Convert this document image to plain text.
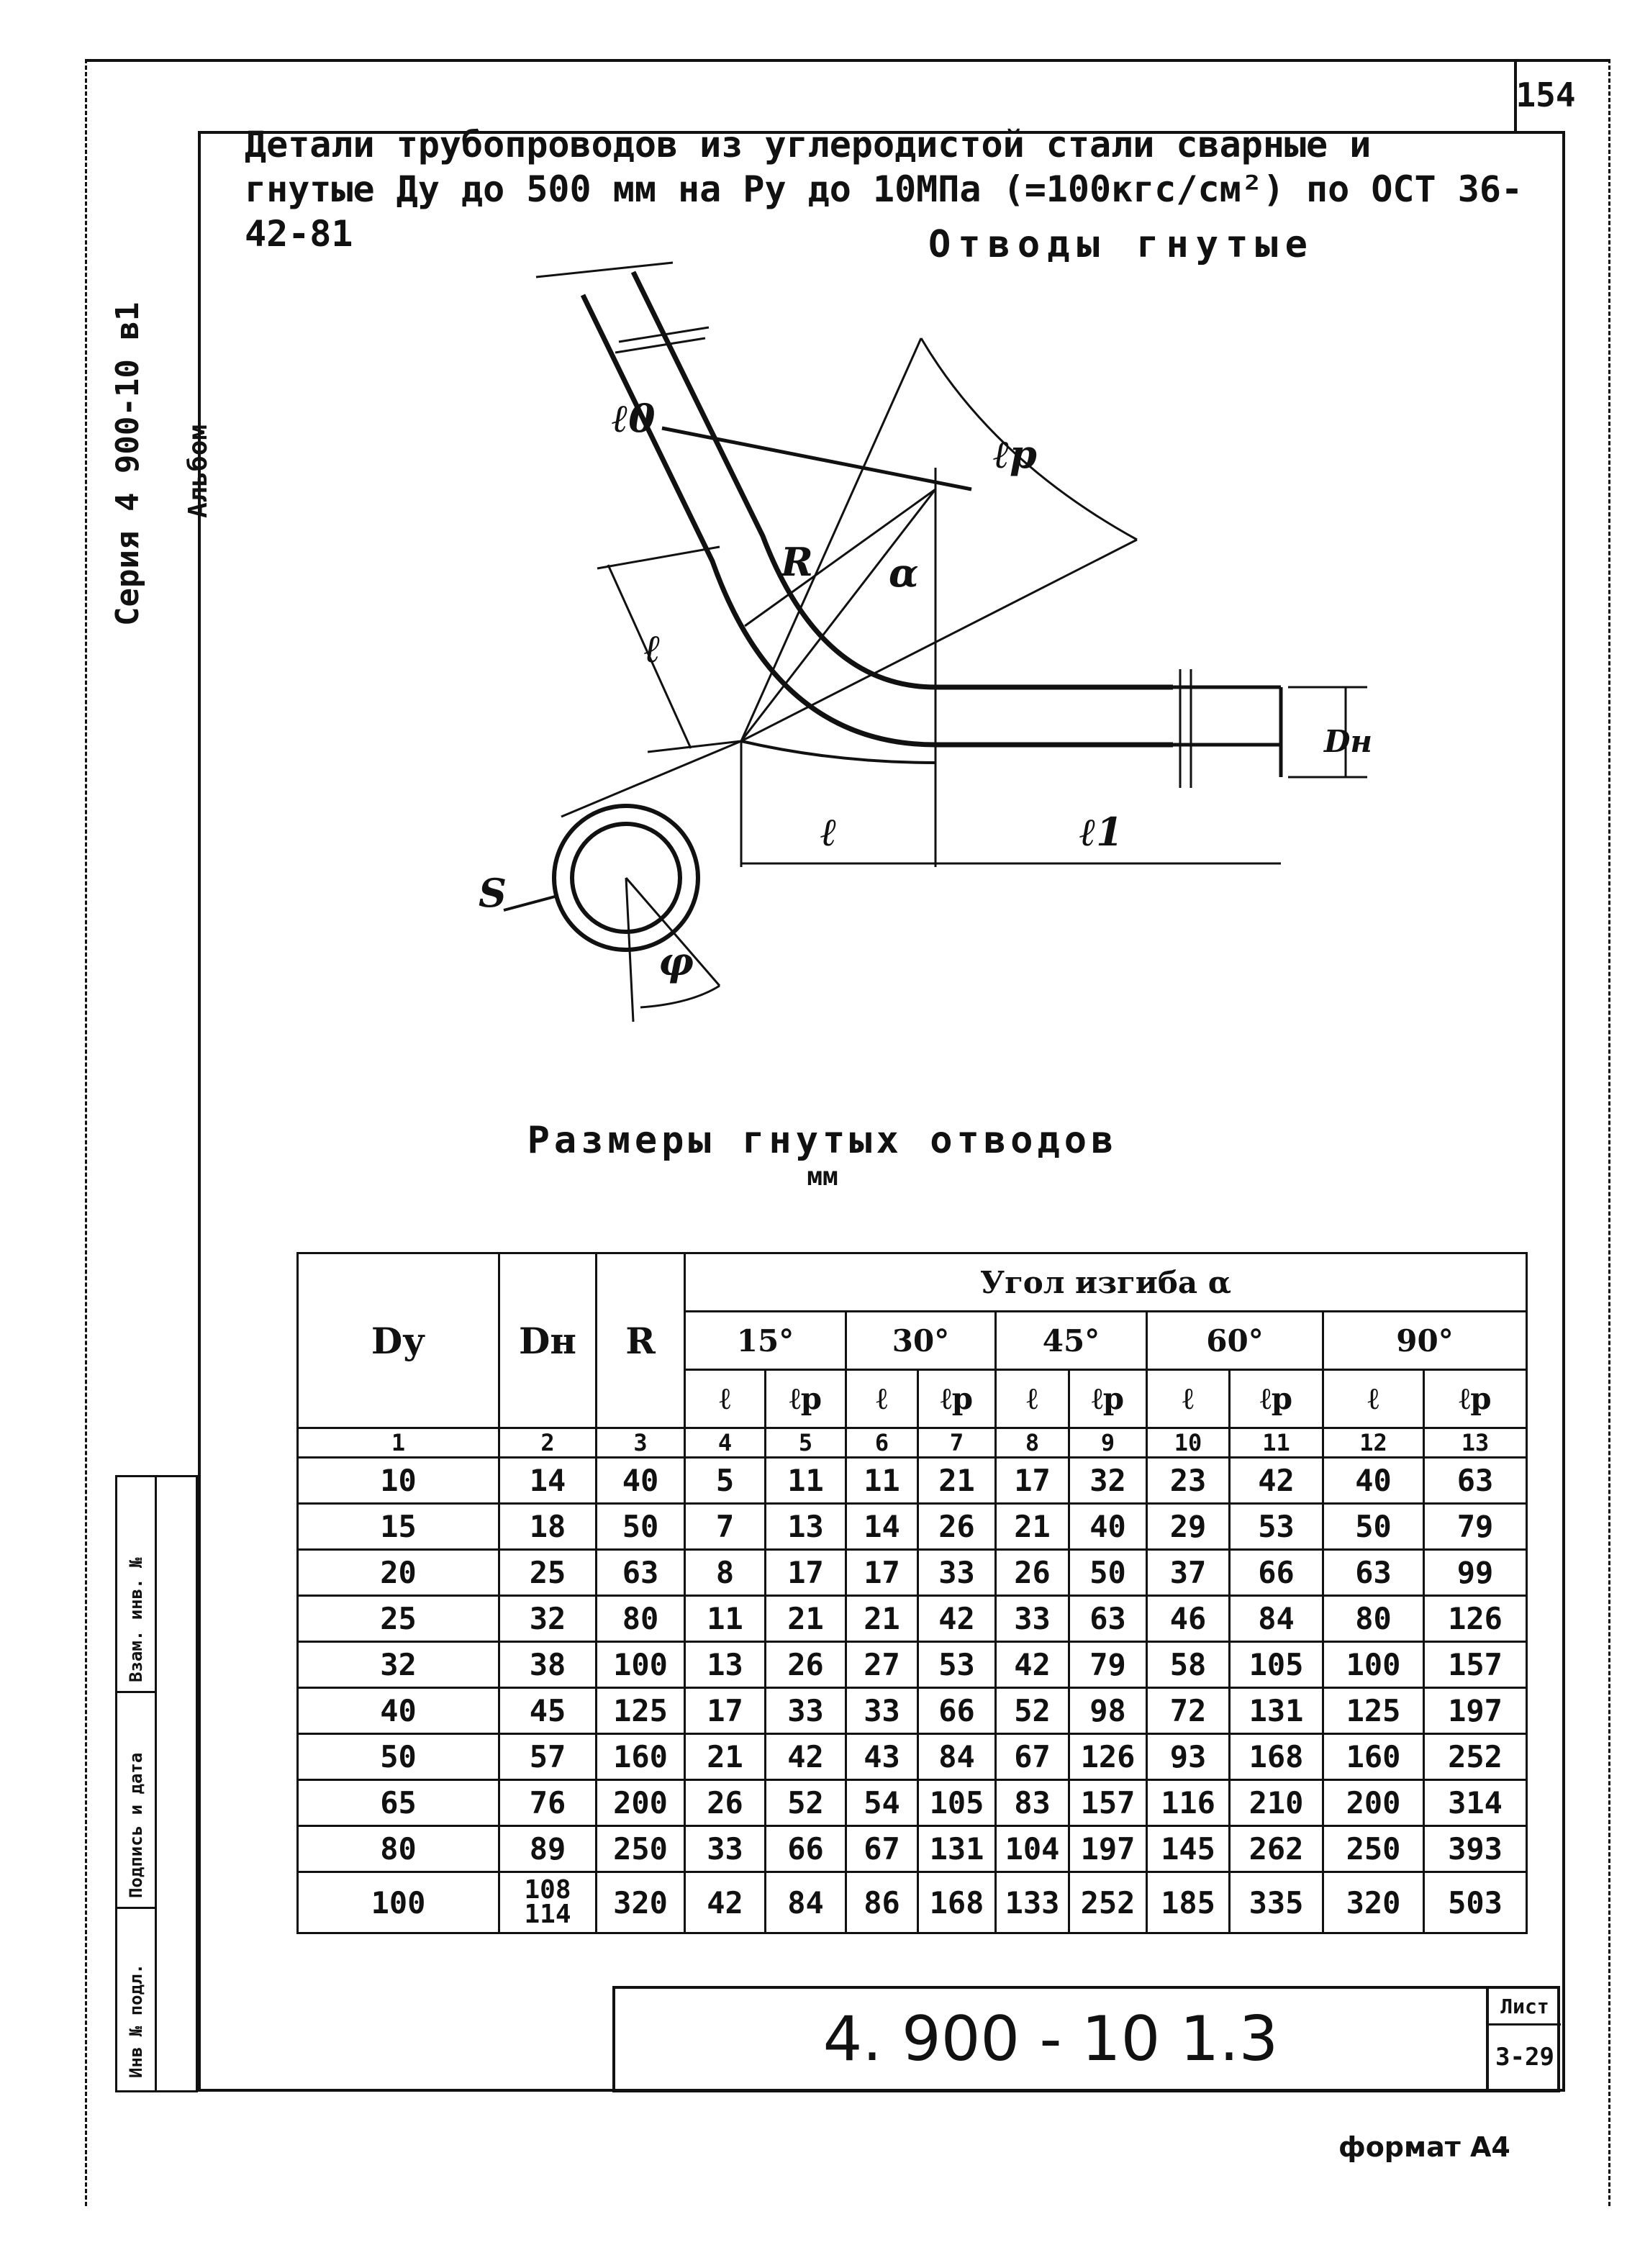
154
Серия 4 900-10 в1 Альбом
Детали трубопроводов из углеродистой стали сварные и
гнутые Ду до 500 мм на Ру до 10МПа (=100кгс/см²) по ОСТ 36-42-81	Отводы гнутые
ℓ0
ℓp
R α
ℓ
ℓ	ℓ1
Dн
S
φ
Размеры гнутых отводов
мм
Dу	Dн	R	Угол изгиба α									
			15°		30°		45°		60°		90°	
			ℓ	ℓp	ℓ	ℓp	ℓ	ℓp	ℓ	ℓp	ℓ	ℓp
1	2	3	4	5	6	7	8	9	10	11	12	13
10	14	40	5	11	11	21	17	32	23	42	40	63
15	18	50	7	13	14	26	21	40	29	53	50	79
20	25	63	8	17	17	33	26	50	37	66	63	99
25	32	80	11	21	21	42	33	63	46	84	80	126
32	38	100	13	26	27	53	42	79	58	105	100	157
40	45	125	17	33	33	66	52	98	72	131	125	197
50	57	160	21	42	43	84	67	126	93	168	160	252
65	76	200	26	52	54	105	83	157	116	210	200	314
80	89	250	33	66	67	131	104	197	145	262	250	393
100	108
114	320	42	84	86	168	133	252	185	335	320	503
Инв № подл.
Подпись и дата
Взам. инв. №
4. 900 - 10 1.3	Лист
3-29
формат А4
